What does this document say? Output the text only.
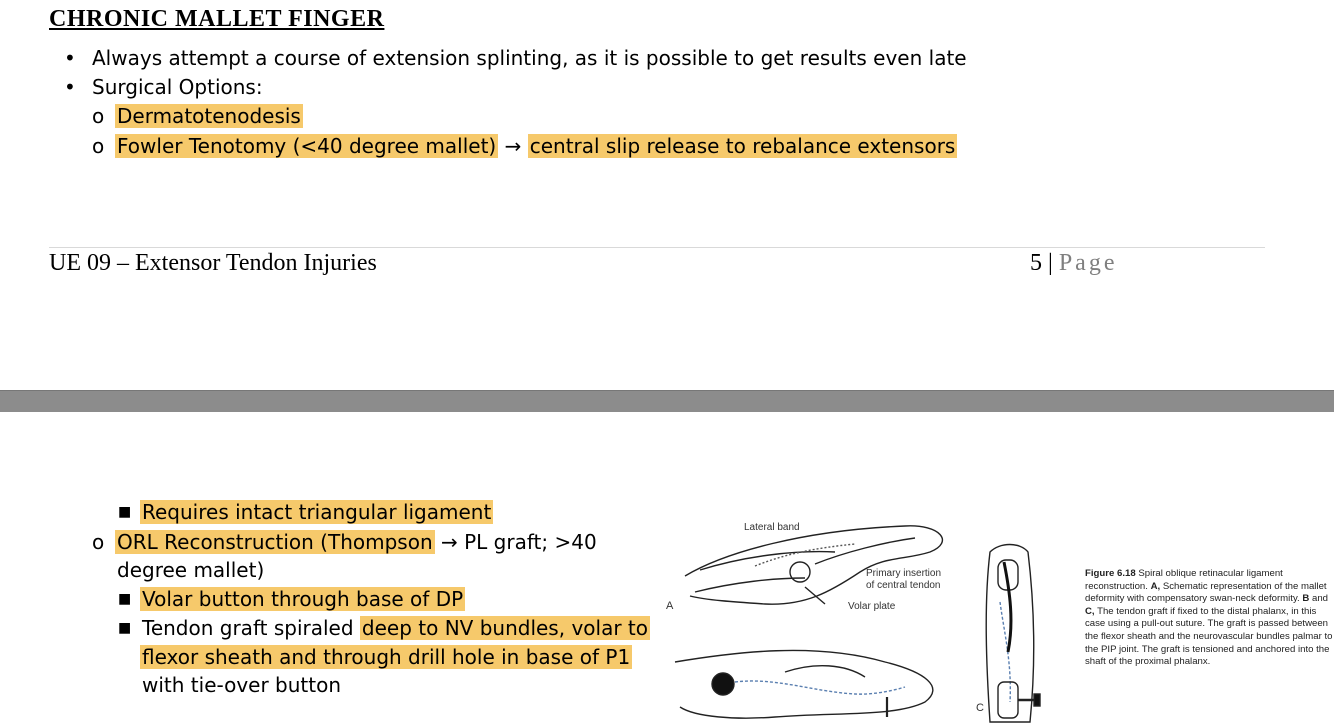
CHRONIC MALLET FINGER
• Always attempt a course of extension splinting, as it is possible to get results even late
• Surgical Options:
o Dermatotenodesis
o Fowler Tenotomy (<40 degree mallet) → central slip release to rebalance extensors
UE 09 – Extensor Tendon Injuries	5 | Page
■ Requires intact triangular ligament
o ORL Reconstruction (Thompson → PL graft; >40
degree mallet)
■ Volar button through base of DP
■ Tendon graft spiraled deep to NV bundles, volar to
flexor sheath and through drill hole in base of P1
with tie-over button
Lateral band
Primary insertion
of central tendon
Volar plate
A
C
Figure 6.18 Spiral oblique retinacular ligament reconstruction. A, Schematic representation of the mallet deformity with compensatory swan-neck deformity. B and C, The tendon graft if fixed to the distal phalanx, in this case using a pull-out suture. The graft is passed between the flexor sheath and the neurovascular bundles palmar to the PIP joint. The graft is tensioned and anchored into the shaft of the proximal phalanx.
